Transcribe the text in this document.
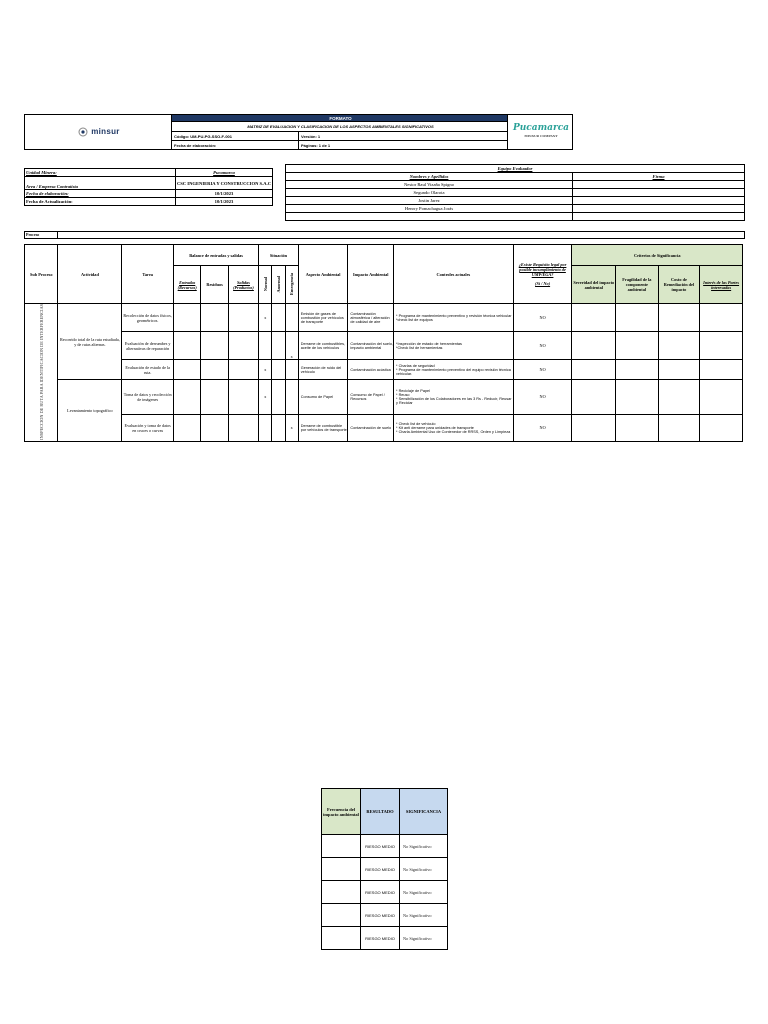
minsur	FORMATO		Pucamarca
MINSUR COMPANY

	MATRIZ DE EVALUACION Y CLASIFICACION DE LOS ASPECTOS AMBIENTALES SIGNIFICATIVOS		
	Código: UM-PU-PG-SSO-F-001	Versión: 1	
	Fecha de elaboración:	Páginas: 1 de 1	
Unidad Minera:	Pucamarca
Area / Empresa Contratista	CSC INGENIERIA Y CONSTRUCCION S.A.C
Fecha de elaboración:	10/1/2023
Fecha de Actualización:	10/1/2023
Equipo Evaluador	
Nombres y Apellidos	Firma
Nestor Raul Vizaña Spigno	
Segundo Olarota	
Jostin Jarez	
Henrry Pomachagua Jorás	

Proceso
Sub Proceso	Actividad	Tarea	Balance de entradas y salidas			Situación			Aspecto Ambiental	Impacto Ambiental	Controles actuales	¿Existe Requisito legal por posible incumplimiento de UMP/EGA?
(Si / No)	Criterios de Significancia			
			Entradas (Recursos)	Residuos	Salidas (Productos)	Normal	Anormal	Emergencia					Severidad del impacto ambiental	Fragilidad de la componente ambiental	Costo de Remediación del impacto	Interés de las Partes interesadas
INSPECCION DE RUTA PARA IDENTIFICACION DE INTERFERENCIAS	Recorrido total de la ruta estudiada, y de rutas alternas.	Recolección de datos físicos, geométricos.				x			Emisión de gases de combustión por vehículos de transporte	Contaminación atmosférica / alteración de calidad de aire	* Programa de mantenimiento preventivo y revisión técnica vehicular
*check list de equipos	NO				
		Evaluación de derrumbes y alternativas de reparación						x	Derrame de combustibles, aceite de los vehículos	Contaminación del suelo, impacto ambiental	*Inspección de estado de herramientas
*Check list de herramientas	NO				
		Evaluación de estado de la ruta.				x			Generación de ruido del vehículo	Contaminación acústica	* Charlas de seguridad
* Programa de mantenimiento preventivo del equipo revisión técnica vehicular.	NO				
	Levantamiento topográfico	Toma de datos y recolección de imágenes				x			Consumo de Papel	Consumo de Papel / Recursos	* Reciclaje de Papel
* Reuso
* Sensibilización de los Colaboradores en las 3 Rs - Reducir, Reusar y Reciclar	NO				
		Evaluación y toma de datos en cruces o curvas						x	Derrame de combustible por vehículos de transporte	Contaminación de suelo	* Check list de vehículo
* Kit anti derrame para unidades de transporte
* Charla Ambiental Uso de Contenedor de RRSS, Orden y Limpieza	NO				
Frecuencia del impacto ambiental	RESULTADO	SIGNIFICANCIA
	RIESGO MEDIO	No Significativo
	RIESGO MEDIO	No Significativo
	RIESGO MEDIO	No Significativo
	RIESGO MEDIO	No Significativo
	RIESGO MEDIO	No Significativo
